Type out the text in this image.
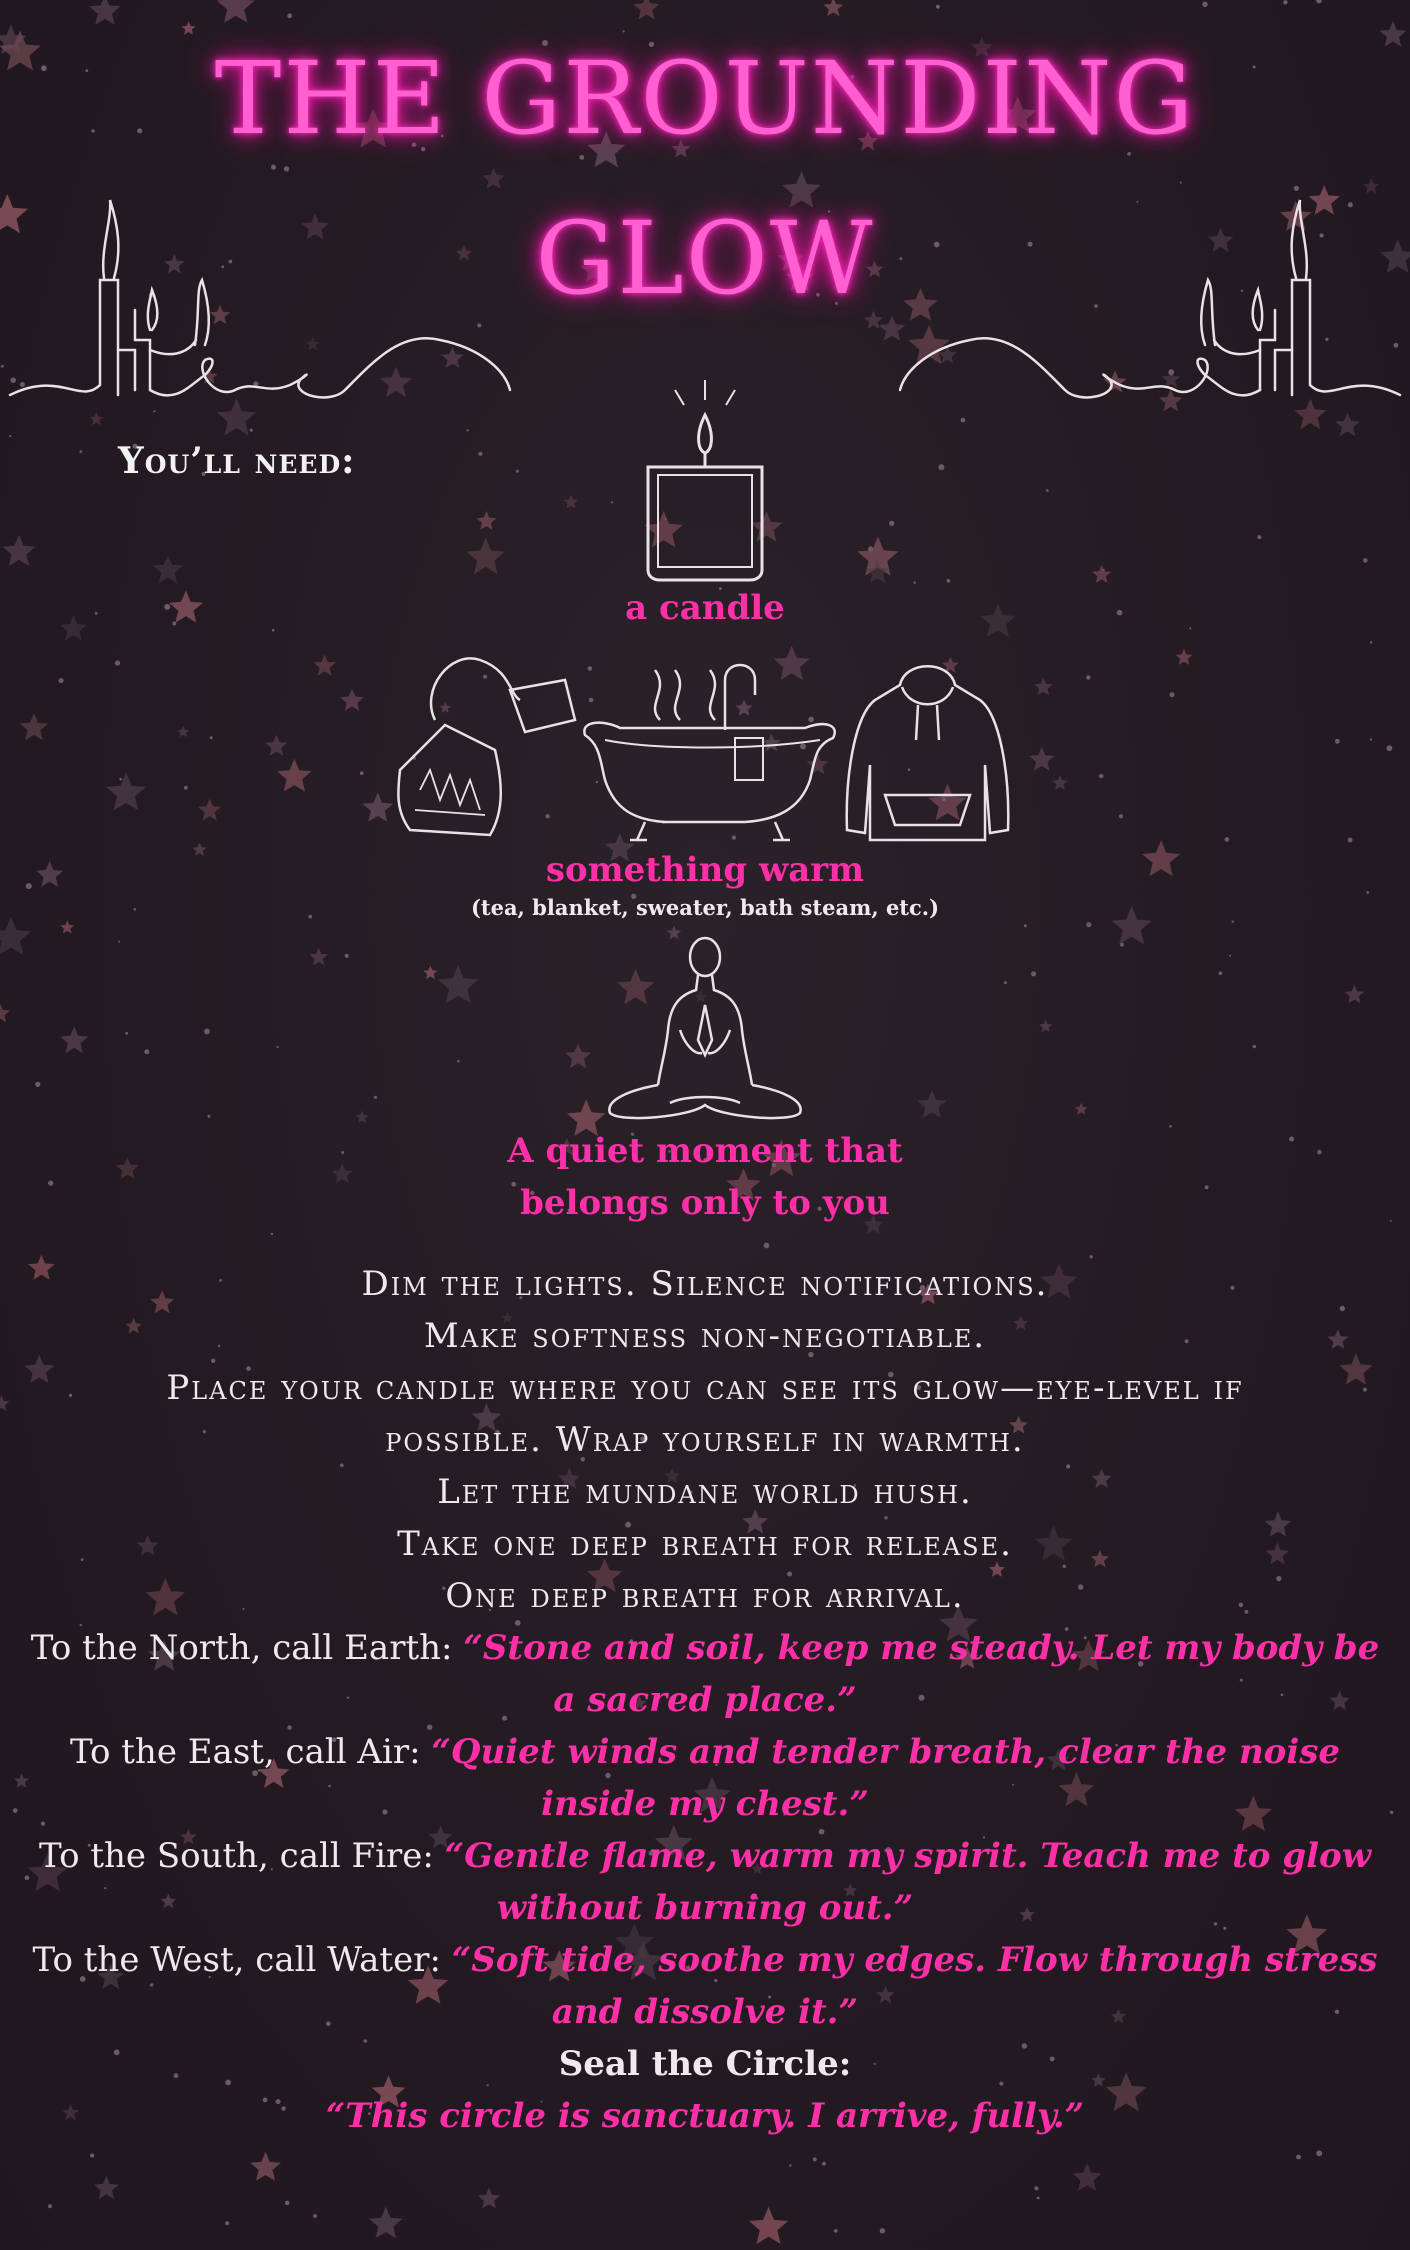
THE GROUNDING
GLOW
You’ll need:
a candle
something warm
(tea, blanket, sweater, bath steam, etc.)
A quiet moment that
belongs only to you

Dim the lights. Silence notifications.

Make softness non-negotiable.

Place your candle where you can see its glow—eye-level if

possible. Wrap yourself in warmth.

Let the mundane world hush.

Take one deep breath for release.

One deep breath for arrival.

To the North, call Earth: “Stone and soil, keep me steady. Let my body be a sacred place.”

To the East, call Air: “Quiet winds and tender breath, clear the noise inside my chest.”

To the South, call Fire: “Gentle flame, warm my spirit. Teach me to glow without burning out.”

To the West, call Water: “Soft tide, soothe my edges. Flow through stress and dissolve it.”

Seal the Circle:

“This circle is sanctuary. I arrive, fully.”
